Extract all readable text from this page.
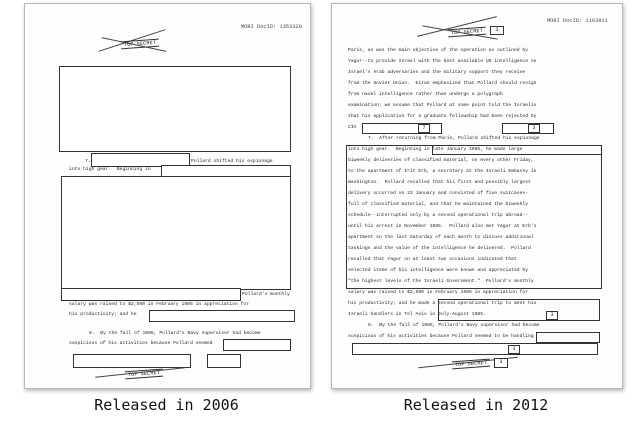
MORI DocID: 1353329
TOP SECRET
7.	Pollard shifted his espionage
into high gear.  Beginning in
Pollard's monthly
salary was raised to $2,500 in February 1985 in appreciation for
his productivity; and he
8.  By the fall of 1985, Pollard's Navy supervisor had become
suspicious of his activities because Pollard seemed
TOP SECRET
MORI DocID: 1163911
TOP SECRET	3
Paris, as was the main objective of the operation as outlined by
Yagur--to provide Israel with the best available US intelligence on
Israel's Arab adversaries and the military support they receive
from the Soviet Union.  Eitan emphasized that Pollard should resign
from naval intelligence rather than undergo a polygraph
examination; we assume that Pollard at some point told the Israelis
that his application for a graduate fellowship had been rejected by
CIA	7	3
7.  After returning from Paris, Pollard shifted his espionage
into high gear.  Beginning in late January 1985, he made large
biweekly deliveries of classified material, on every other Friday,
to the apartment of Irit Erb, a secretary at the Israeli Embassy in
Washington.  Pollard recalled that his first and possibly largest
delivery occurred on 23 January and consisted of five suitcases-
full of classified material, and that he maintained the biweekly
schedule--interrupted only by a second operational trip abroad--
until his arrest in November 1985.  Pollard also met Yagur at Erb's
apartment on the last Saturday of each month to discuss additional
taskings and the value of the intelligence he delivered.  Pollard
recalled that Yagur on at least two occasions indicated that
selected items of his intelligence were known and appreciated by
"the highest levels of the Israeli Government."  Pollard's monthly
salary was raised to $2,500 in February 1985 in appreciation for
his productivity; and he made a second operational trip to meet his
Israeli handlers in Tel Aviv in July-August 1985.	3
8.  By the fall of 1985, Pollard's Navy supervisor had become
suspicious of his activities because Pollard seemed to be handling
3
TOP SECRET	3
Released in 2006	Released in 2012
